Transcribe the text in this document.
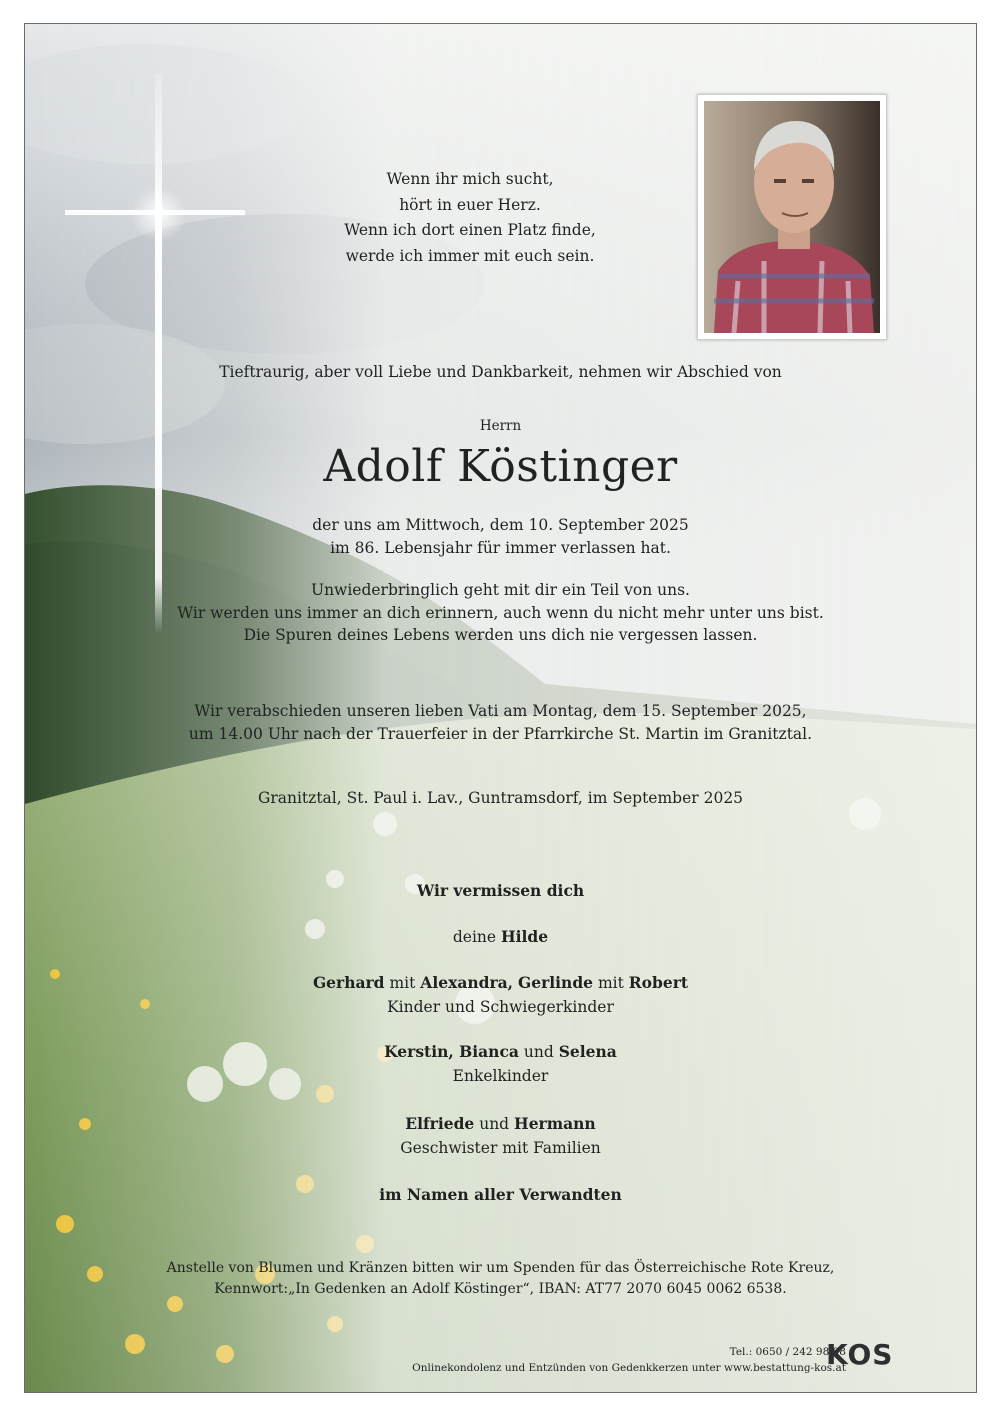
Wenn ihr mich sucht,
hört in euer Herz.
Wenn ich dort einen Platz finde,
werde ich immer mit euch sein.
Tieftraurig, aber voll Liebe und Dankbarkeit, nehmen wir Abschied von
Herrn
Adolf Köstinger
der uns am Mittwoch, dem 10. September 2025
im 86. Lebensjahr für immer verlassen hat.
Unwiederbringlich geht mit dir ein Teil von uns.
Wir werden uns immer an dich erinnern, auch wenn du nicht mehr unter uns bist.
Die Spuren deines Lebens werden uns dich nie vergessen lassen.
Wir verabschieden unseren lieben Vati am Montag, dem 15. September 2025,
um 14.00 Uhr nach der Trauerfeier in der Pfarrkirche St. Martin im Granitztal.
Granitztal, St. Paul i. Lav., Guntramsdorf, im September 2025
Wir vermissen dich
deine Hilde
Gerhard mit Alexandra, Gerlinde mit Robert
Kinder und Schwiegerkinder
Kerstin, Bianca und Selena
Enkelkinder
Elfriede und Hermann
Geschwister mit Familien
im Namen aller Verwandten
Anstelle von Blumen und Kränzen bitten wir um Spenden für das Österreichische Rote Kreuz,
Kennwort:„In Gedenken an Adolf Köstinger“, IBAN: AT77 2070 6045 0062 6538.
Tel.: 0650 / 242 98 98
Onlinekondolenz und Entzünden von Gedenkkerzen unter www.bestattung-kos.at
KOS
